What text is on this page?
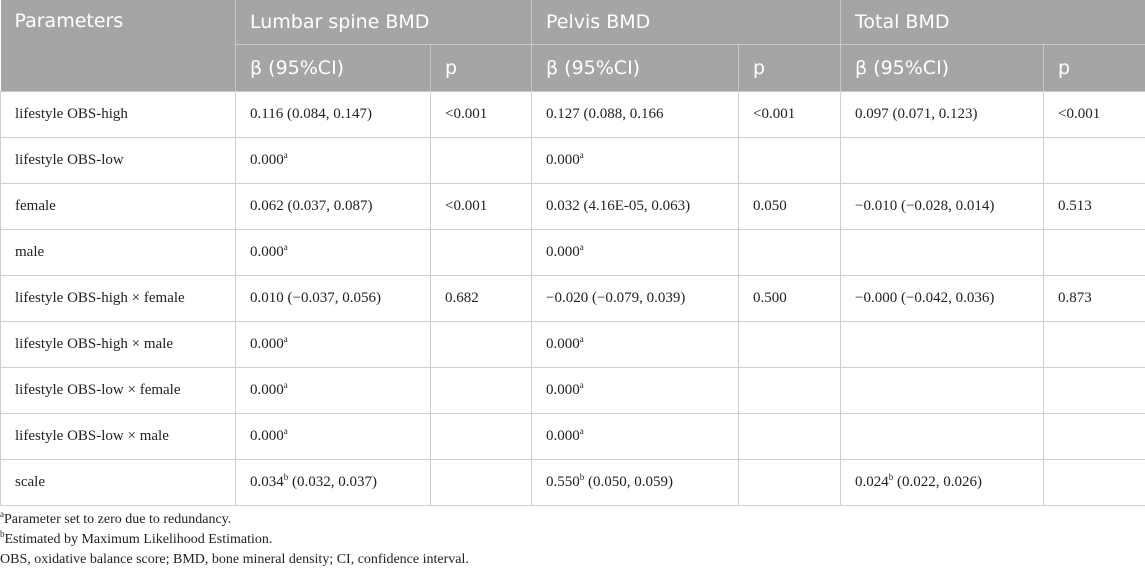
Parameters	Lumbar spine BMD		Pelvis BMD		Total BMD	
	β (95%CI)	p	β (95%CI)	p	β (95%CI)	p
lifestyle OBS-high	0.116 (0.084, 0.147)	<0.001	0.127 (0.088, 0.166	<0.001	0.097 (0.071, 0.123)	<0.001
lifestyle OBS-low	0.000$^a$		0.000$^a$			
female	0.062 (0.037, 0.087)	<0.001	0.032 (4.16E-05, 0.063)	0.050	−0.010 (−0.028, 0.014)	0.513
male	0.000$^a$		0.000$^a$			
lifestyle OBS-high × female	0.010 (−0.037, 0.056)	0.682	−0.020 (−0.079, 0.039)	0.500	−0.000 (−0.042, 0.036)	0.873
lifestyle OBS-high × male	0.000$^a$		0.000$^a$			
lifestyle OBS-low × female	0.000$^a$		0.000$^a$			
lifestyle OBS-low × male	0.000$^a$		0.000$^a$			
scale	0.034$^b$ (0.032, 0.037)		0.550$^b$ (0.050, 0.059)		0.024$^b$ (0.022, 0.026)	
$^a$Parameter set to zero due to redundancy.
$^b$Estimated by Maximum Likelihood Estimation.
OBS, oxidative balance score; BMD, bone mineral density; CI, confidence interval.
